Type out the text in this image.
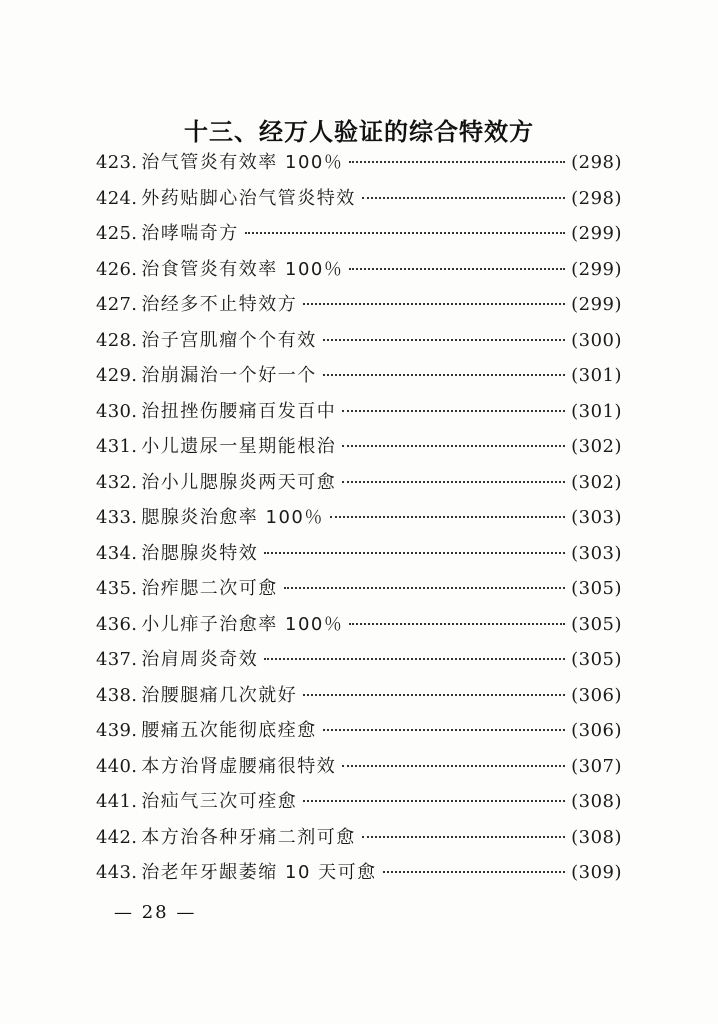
十三、经万人验证的综合特效方
423. 治气管炎有效率 100％	(298)
424. 外药贴脚心治气管炎特效	(298)
425. 治哮喘奇方	(299)
426. 治食管炎有效率 100％	(299)
427. 治经多不止特效方	(299)
428. 治子宫肌瘤个个有效	(300)
429. 治崩漏治一个好一个	(301)
430. 治扭挫伤腰痛百发百中	(301)
431. 小儿遗尿一星期能根治	(302)
432. 治小儿腮腺炎两天可愈	(302)
433. 腮腺炎治愈率 100％	(303)
434. 治腮腺炎特效	(303)
435. 治痄腮二次可愈	(305)
436. 小儿痱子治愈率 100％	(305)
437. 治肩周炎奇效	(305)
438. 治腰腿痛几次就好	(306)
439. 腰痛五次能彻底痊愈	(306)
440. 本方治肾虚腰痛很特效	(307)
441. 治疝气三次可痊愈	(308)
442. 本方治各种牙痛二剂可愈	(308)
443. 治老年牙龈萎缩 10 天可愈	(309)
— 28 —
